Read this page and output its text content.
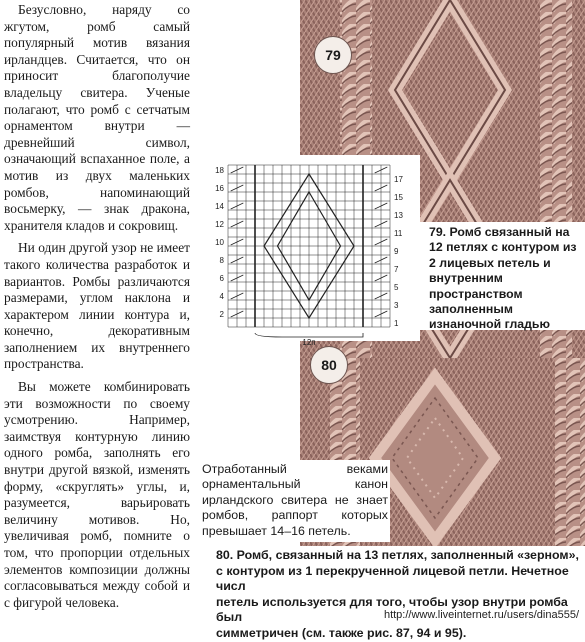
Безусловно, наряду со жгутом, ромб самый популярный мотив вязания ирландцев. Считается, что он приносит благополучие владельцу свитера. Ученые полагают, что ромб с сетчатым орнаментом внутри — древнейший символ, означающий вспаханное поле, а мотив из двух маленьких ромбов, напоминающий восьмерку, — знак дракона, хранителя кладов и сокровищ.

Ни один другой узор не имеет такого количества разработок и вариантов. Ромбы различаются размерами, углом наклона и характером линии контура и, конечно, декоративным заполнением их внутреннего пространства.

Вы можете комбинировать эти возможности по своему усмотрению. Например, заимствуя контурную линию одного ромба, заполнять его внутри другой вязкой, изменять форму, «скруглять» углы, и, разумеется, варьировать величину мотивов. Но, увеличивая ромб, помните о том, что пропорции отдельных элементов композиции должны согласовываться между собой и с фигурой человека.

79
80
18
16
14
12
10
8
6
4
2
17
15
13
11
9
7
5
3
1
12п
79. Ромб связанный на 12 петлях с контуром из 2 лицевых петель и внутренним пространством заполненным изнаночной гладью
Отработанный веками орнаментальный канон ирландского свитера не знает ромбов, раппорт которых превышает 14–16 петель.
80. Ромб, связанный на 13 петлях, заполненный «зерном»,
с контуром из 1 перекрученной лицевой петли. Нечетное числ
петель используется для того, чтобы узор внутри ромба был
симметричен (см. также рис. 87, 94 и 95).
http://www.liveinternet.ru/users/dina555/
